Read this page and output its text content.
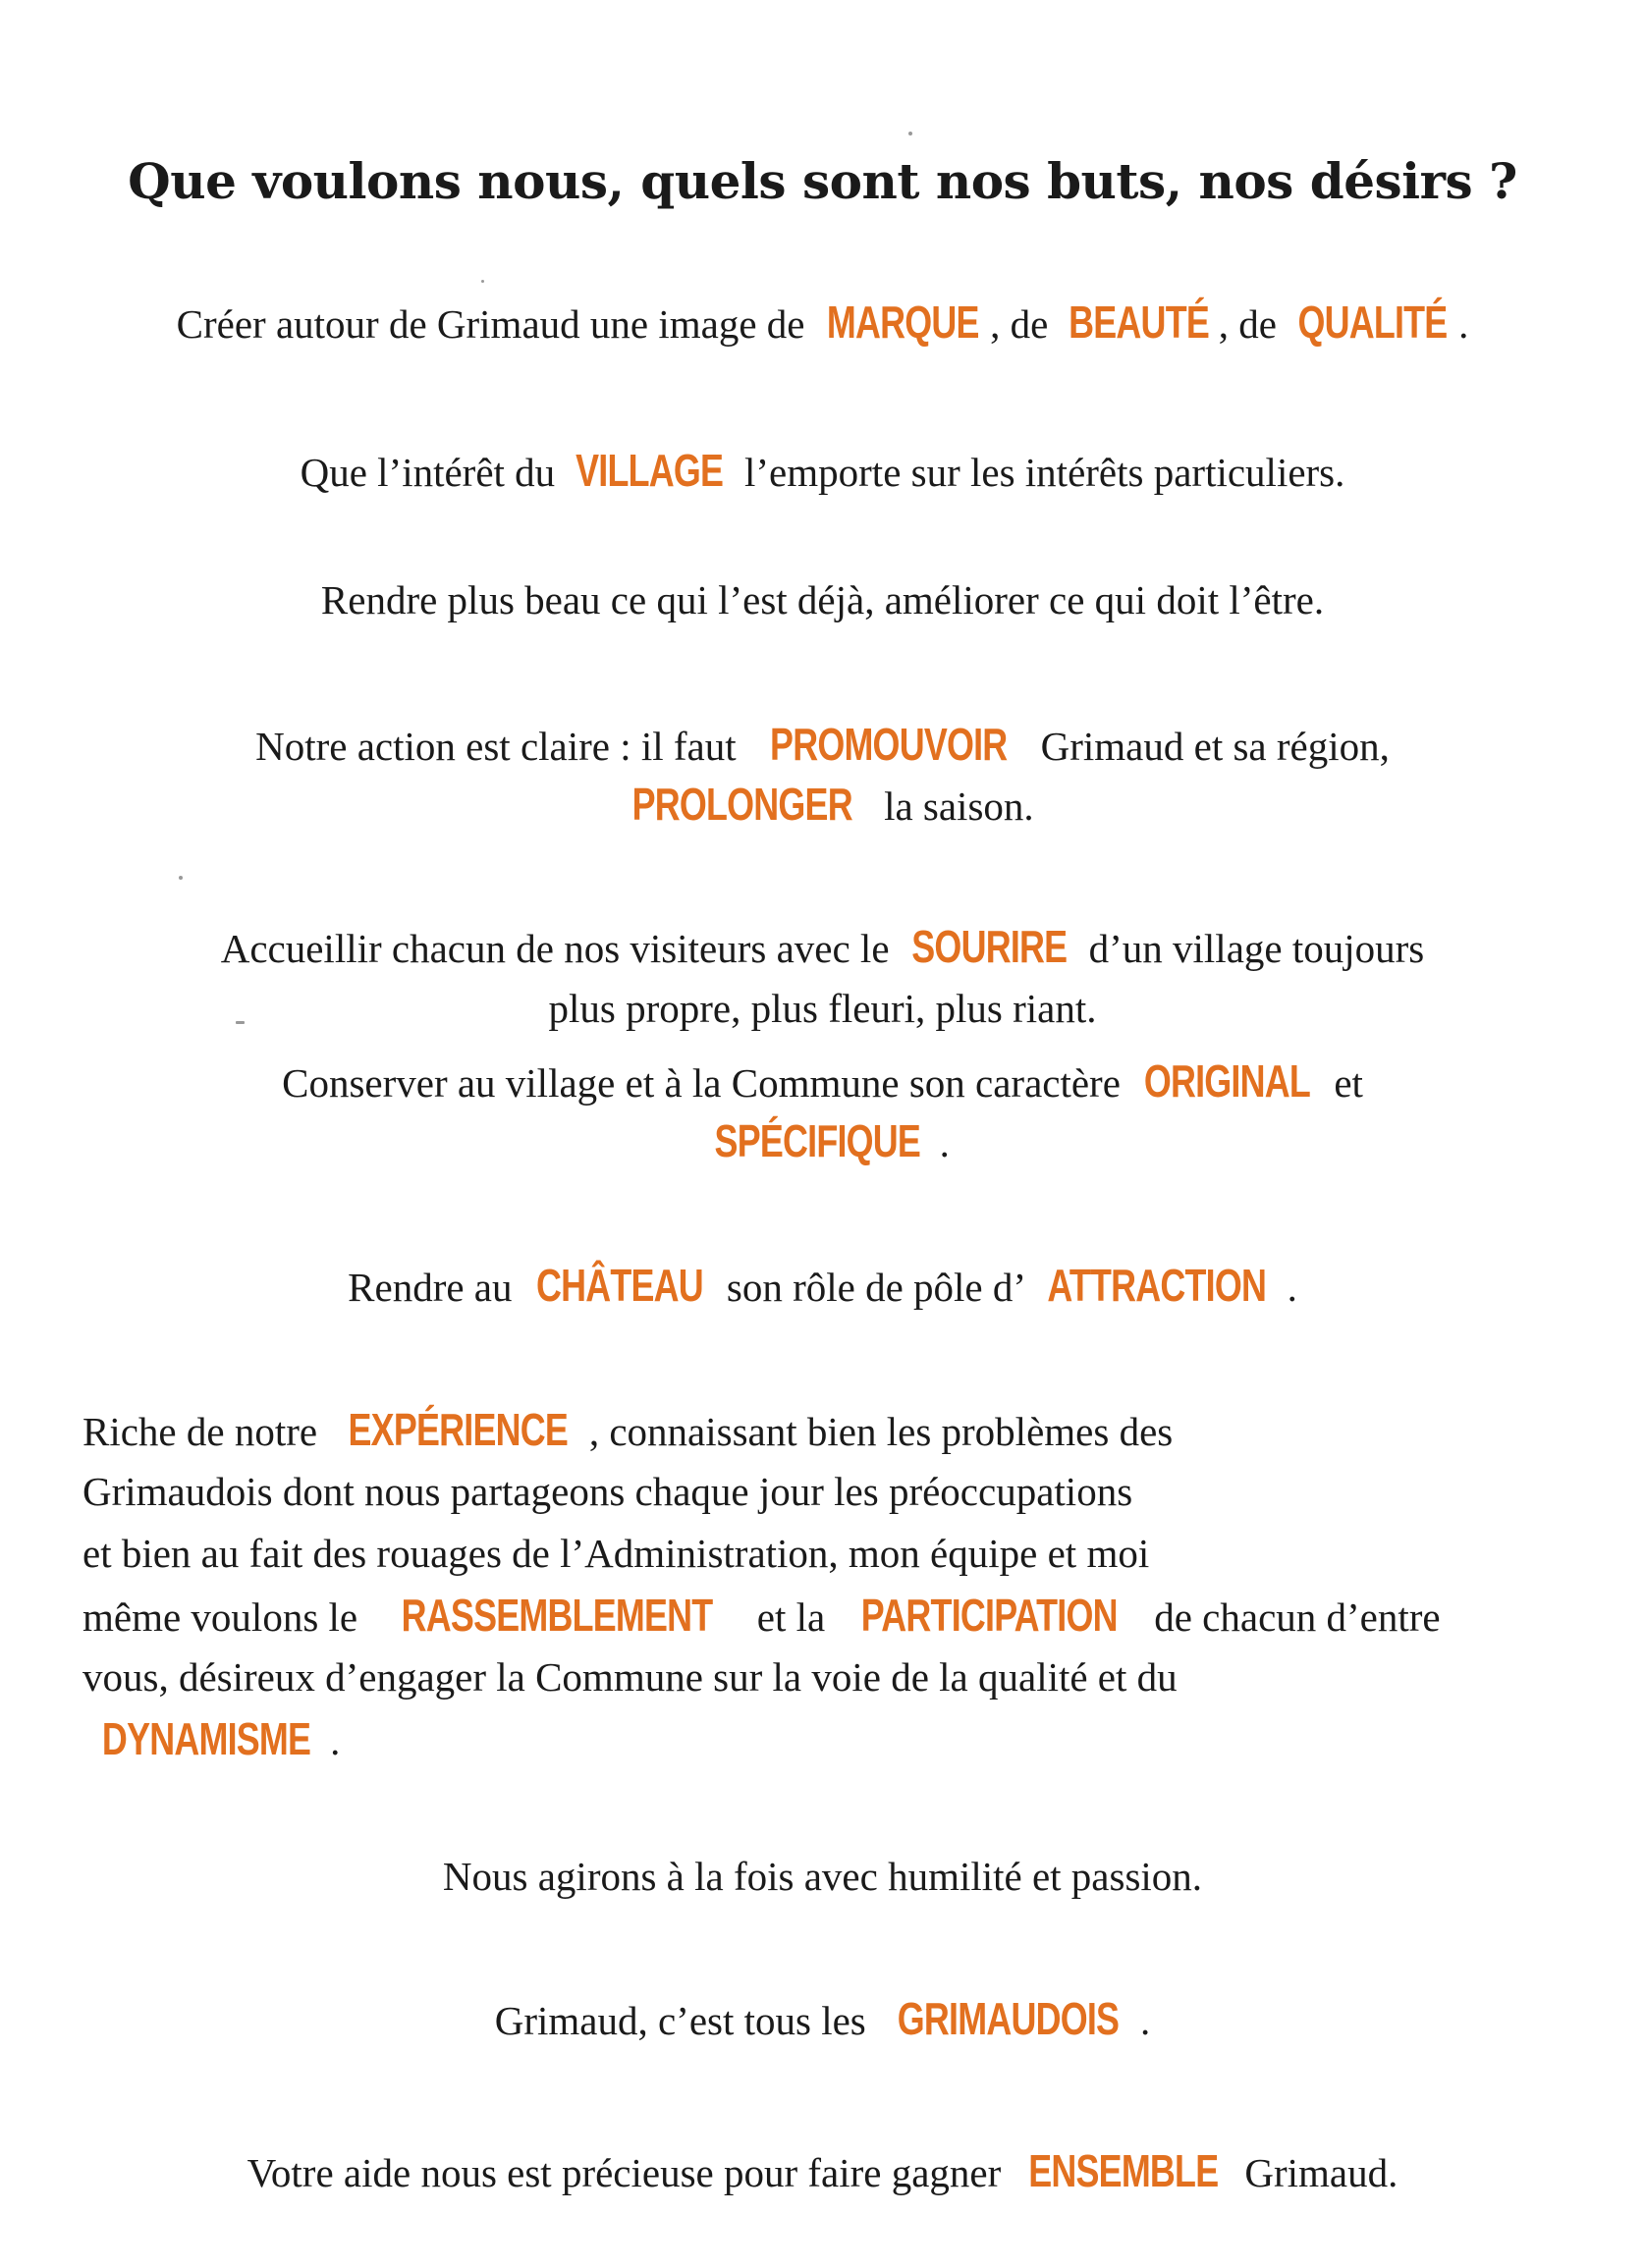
Que voulons nous, quels sont nos buts, nos désirs ?
Créer autour de Grimaud une image de MARQUE , de BEAUTÉ , de QUALITÉ .
Que l’intérêt du VILLAGE l’emporte sur les intérêts particuliers.
Rendre plus beau ce qui l’est déjà, améliorer ce qui doit l’être.
Notre action est claire : il faut PROMOUVOIR Grimaud et sa région,
PROLONGER la saison.
Accueillir chacun de nos visiteurs avec le SOURIRE d’un village toujours
plus propre, plus fleuri, plus riant.
Conserver au village et à la Commune son caractère ORIGINAL et
SPÉCIFIQUE .
Rendre au CHÂTEAU son rôle de pôle d’ ATTRACTION .
Riche de notre EXPÉRIENCE , connaissant bien les problèmes des
Grimaudois dont nous partageons chaque jour les préoccupations
et bien au fait des rouages de l’Administration, mon équipe et moi
même voulons le RASSEMBLEMENT et la PARTICIPATION de chacun d’entre
vous, désireux d’engager la Commune sur la voie de la qualité et du
DYNAMISME .
Nous agirons à la fois avec humilité et passion.
Grimaud, c’est tous les GRIMAUDOIS .
Votre aide nous est précieuse pour faire gagner ENSEMBLE Grimaud.
